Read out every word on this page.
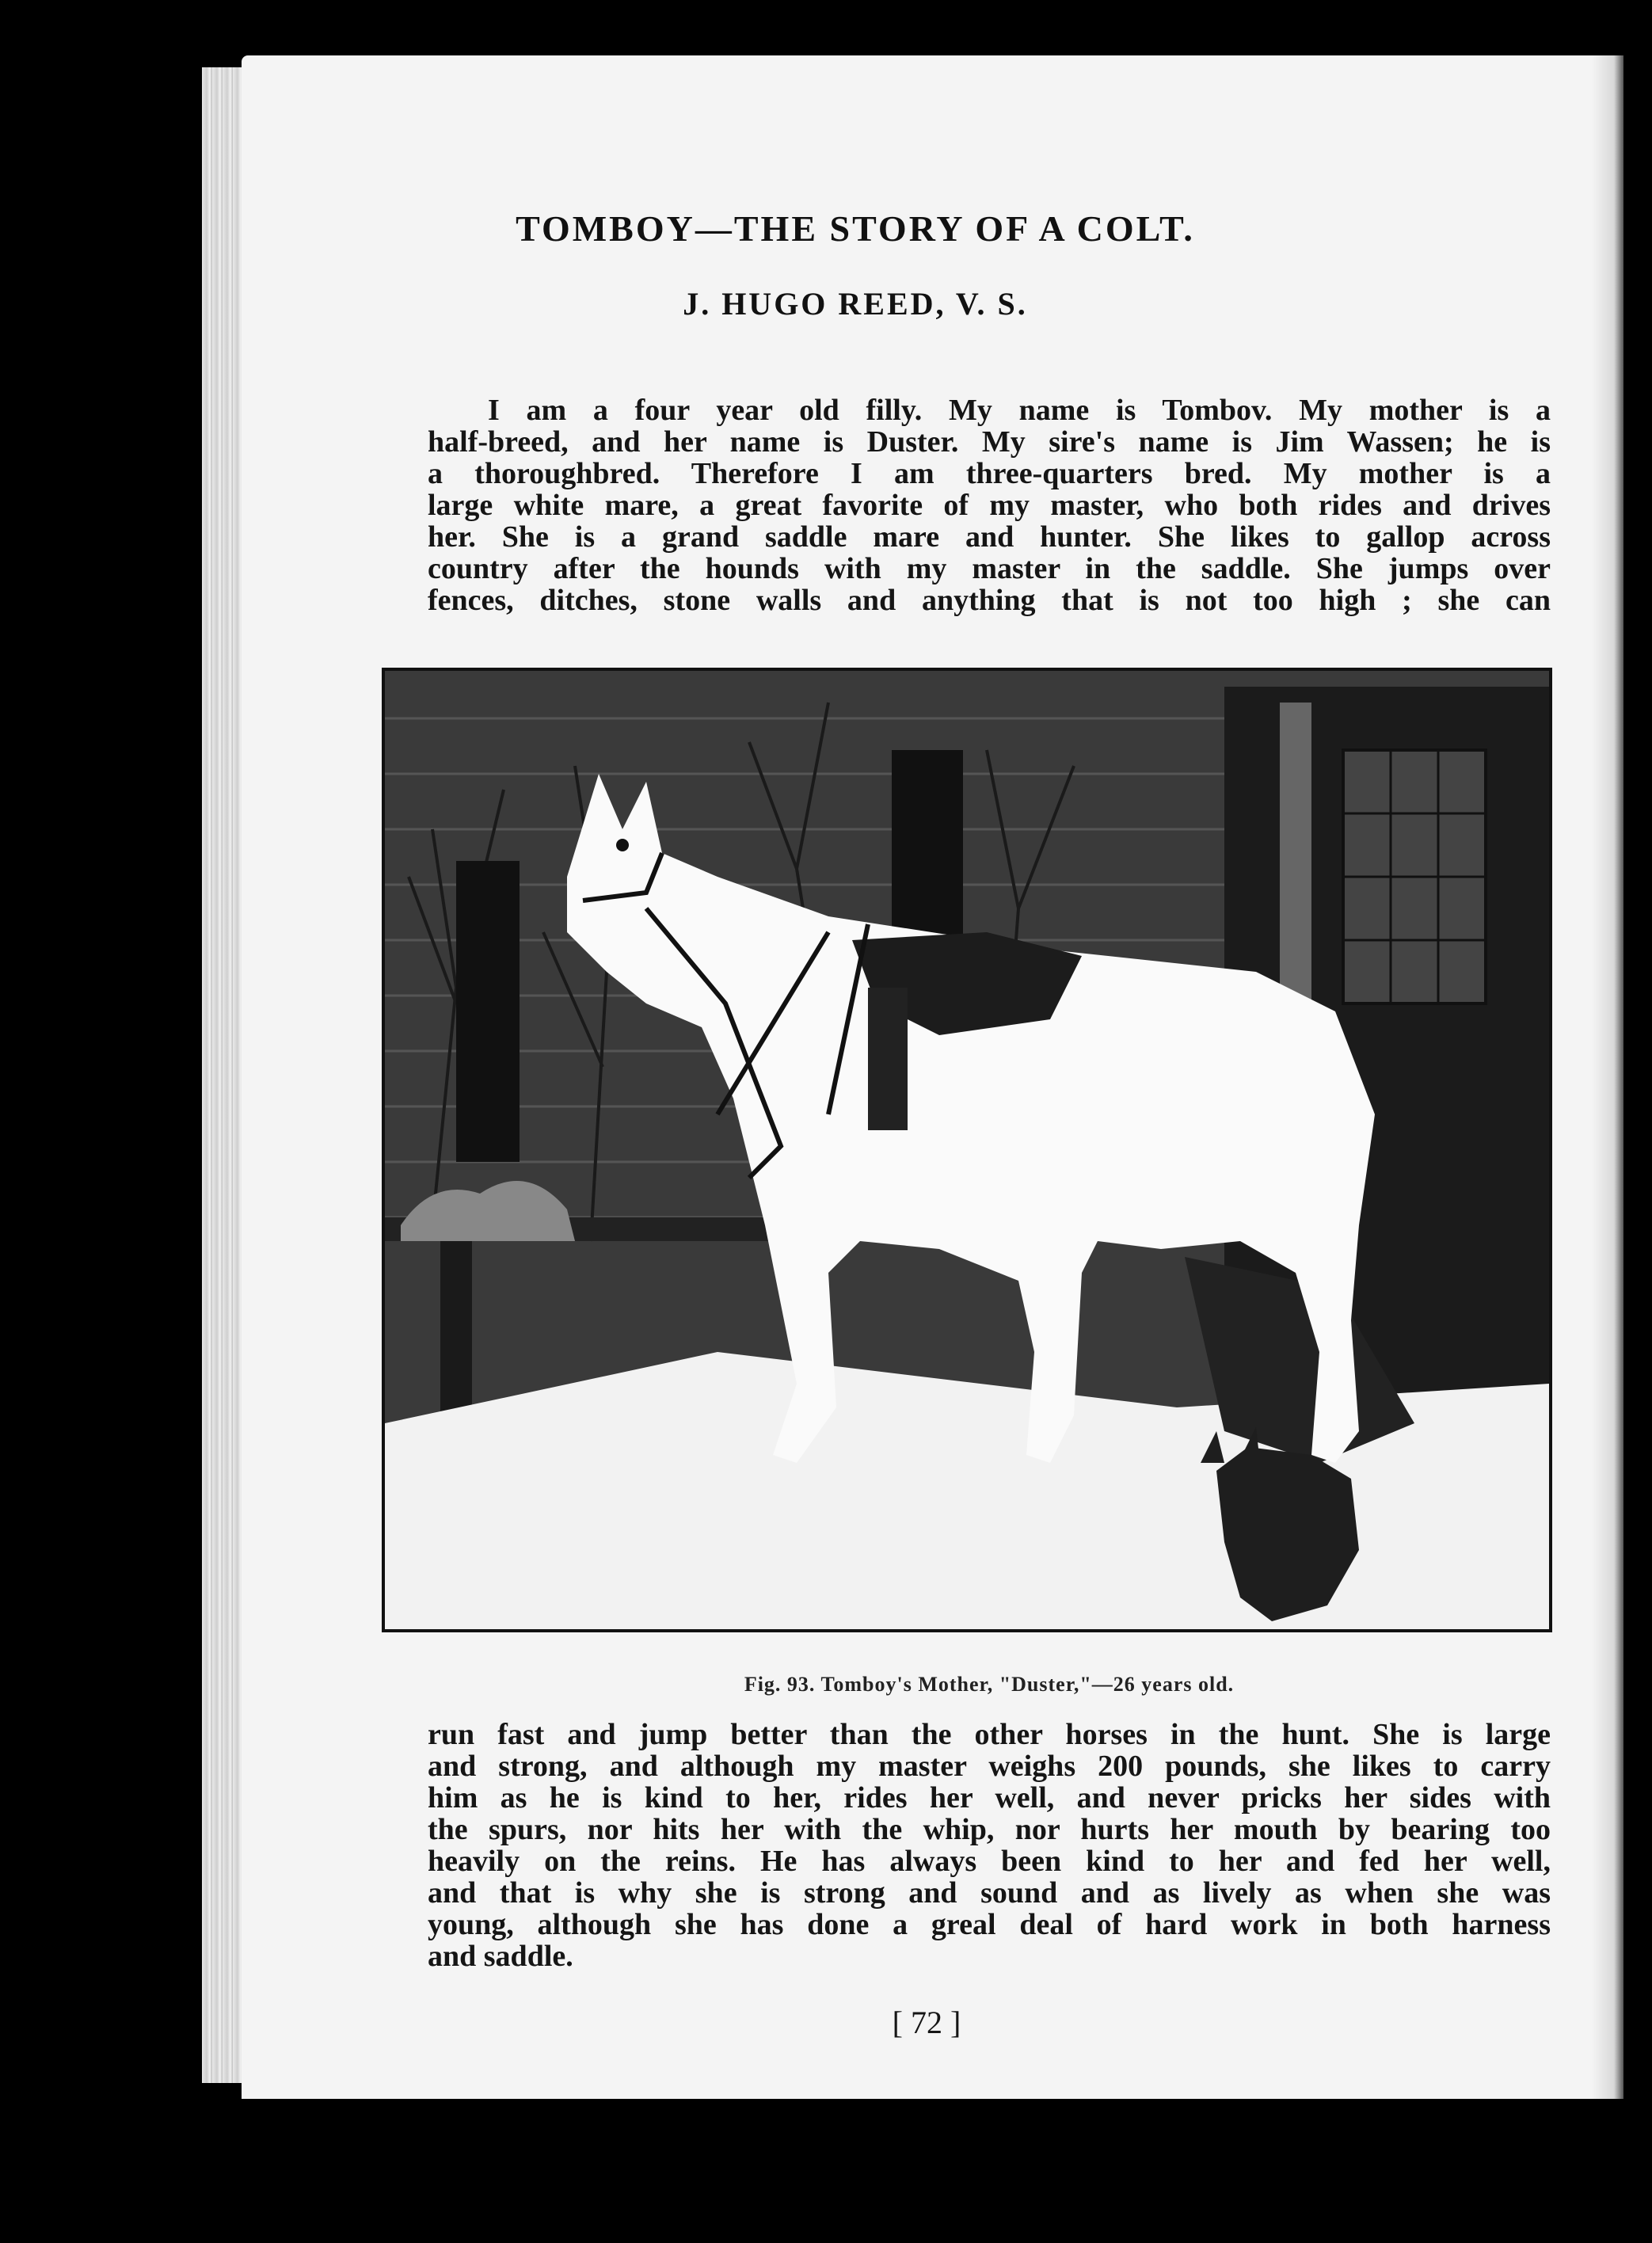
TOMBOY—THE STORY OF A COLT.
J. HUGO REED, V. S.
I am a four year old filly. My name is Tombov. My mother is a
half-breed, and her name is Duster. My sire's name is Jim Wassen; he is
a thoroughbred. Therefore I am three-quarters bred. My mother is a
large white mare, a great favorite of my master, who both rides and drives
her. She is a grand saddle mare and hunter. She likes to gallop across
country after the hounds with my master in the saddle. She jumps over
fences, ditches, stone walls and anything that is not too high ; she can
Fig. 93. Tomboy's Mother, "Duster,"—26 years old.
run fast and jump better than the other horses in the hunt. She is large
and strong, and although my master weighs 200 pounds, she likes to carry
him as he is kind to her, rides her well, and never pricks her sides with
the spurs, nor hits her with the whip, nor hurts her mouth by bearing too
heavily on the reins. He has always been kind to her and fed her well,
and that is why she is strong and sound and as lively as when she was
young, although she has done a greal deal of hard work in both harness
and saddle.
[ 72 ]
